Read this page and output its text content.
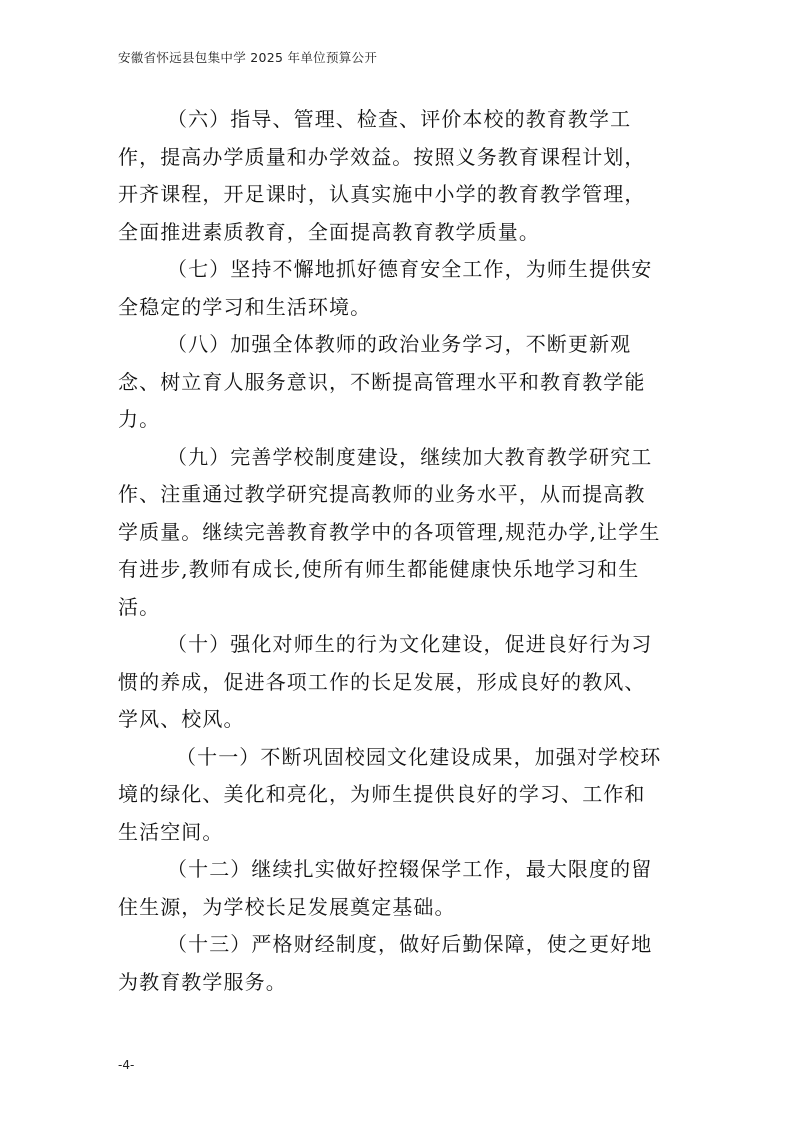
安徽省怀远县包集中学 2025 年单位预算公开

（六）指导、管理、检查、评价本校的教育教学工
作，提高办学质量和办学效益。按照义务教育课程计划，
开齐课程，开足课时，认真实施中小学的教育教学管理，
全面推进素质教育，全面提高教育教学质量。

（七）坚持不懈地抓好德育安全工作，为师生提供安
全稳定的学习和生活环境。

（八）加强全体教师的政治业务学习，不断更新观
念、树立育人服务意识，不断提高管理水平和教育教学能
力。

（九）完善学校制度建设，继续加大教育教学研究工
作、注重通过教学研究提高教师的业务水平，从而提高教
学质量。继续完善教育教学中的各项管理,规范办学,让学生
有进步,教师有成长,使所有师生都能健康快乐地学习和生
活。

（十）强化对师生的行为文化建设，促进良好行为习
惯的养成，促进各项工作的长足发展，形成良好的教风、
学风、校风。

（十一）不断巩固校园文化建设成果，加强对学校环
境的绿化、美化和亮化，为师生提供良好的学习、工作和
生活空间。

（十二）继续扎实做好控辍保学工作，最大限度的留
住生源，为学校长足发展奠定基础。

（十三）严格财经制度，做好后勤保障，使之更好地
为教育教学服务。

-4-
